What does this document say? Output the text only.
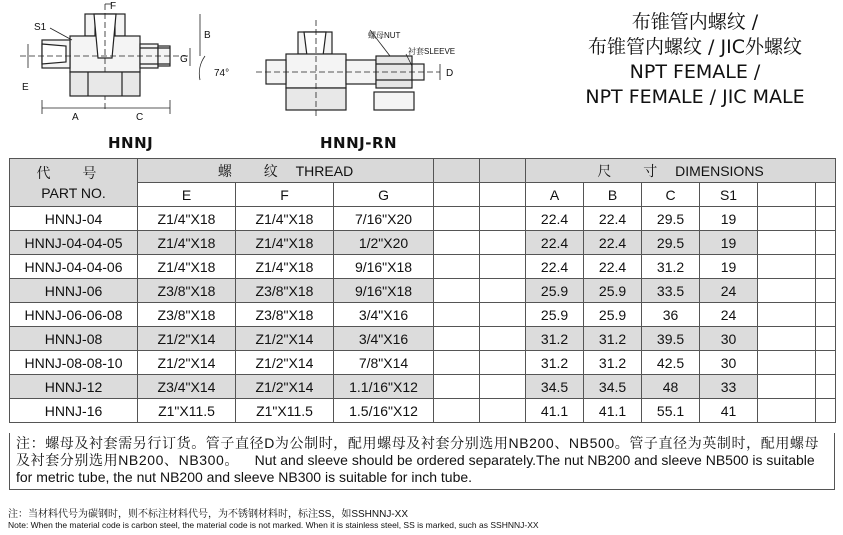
布锥管内螺纹 /
布锥管内螺纹 / JIC外螺纹
NPT FEMALE /
NPT FEMALE / JIC MALE
F
S1
B
E
A	C
G
74°
HNNJ
螺母NUT
衬套SLEEVE
D
HNNJ-RN
代 号
PART NO.	螺 纹 THREAD					尺 寸 DIMENSIONS					
	E	F	G			A	B	C	S1		
HNNJ-04	Z1/4"X18	Z1/4"X18	7/16"X20			22.4	22.4	29.5	19		
HNNJ-04-04-05	Z1/4"X18	Z1/4"X18	1/2"X20			22.4	22.4	29.5	19		
HNNJ-04-04-06	Z1/4"X18	Z1/4"X18	9/16"X18			22.4	22.4	31.2	19		
HNNJ-06	Z3/8"X18	Z3/8"X18	9/16"X18			25.9	25.9	33.5	24		
HNNJ-06-06-08	Z3/8"X18	Z3/8"X18	3/4"X16			25.9	25.9	36	24		
HNNJ-08	Z1/2"X14	Z1/2"X14	3/4"X16			31.2	31.2	39.5	30		
HNNJ-08-08-10	Z1/2"X14	Z1/2"X14	7/8"X14			31.2	31.2	42.5	30		
HNNJ-12	Z3/4"X14	Z1/2"X14	1.1/16"X12			34.5	34.5	48	33		
HNNJ-16	Z1"X11.5	Z1"X11.5	1.5/16"X12			41.1	41.1	55.1	41		
注：螺母及衬套需另行订货。管子直径D为公制时，配用螺母及衬套分别选用NB200、NB500。管子直径为英制时，配用螺母及衬套分别选用NB200、NB300。 Nut and sleeve should be ordered separately.The nut NB200 and sleeve NB500 is suitable for metric tube, the nut NB200 and sleeve NB300 is suitable for inch tube.
注：当材料代号为碳钢时，则不标注材料代号，为不锈钢材料时，标注SS，如SSHNNJ-XX
Note: When the material code is carbon steel, the material code is not marked. When it is stainless steel, SS is marked, such as SSHNNJ-XX
